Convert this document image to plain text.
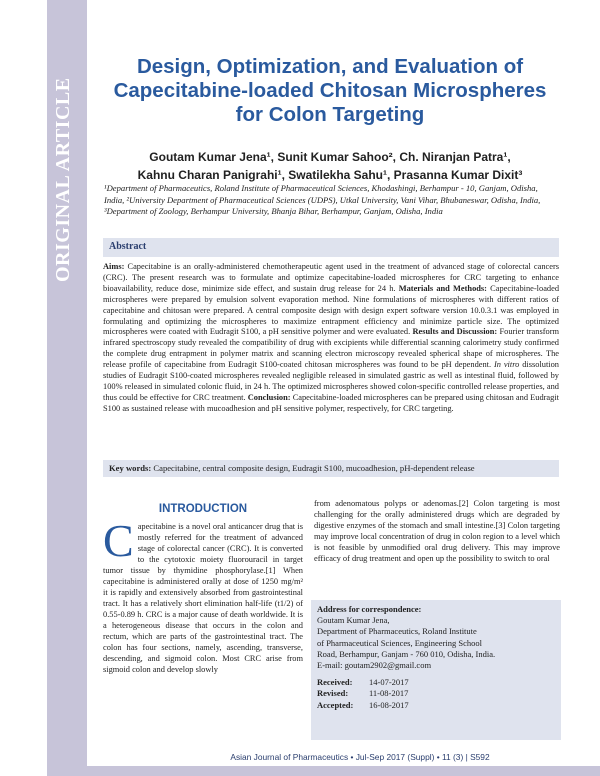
ORIGINAL ARTICLE
Design, Optimization, and Evaluation of Capecitabine-loaded Chitosan Microspheres for Colon Targeting
Goutam Kumar Jena¹, Sunit Kumar Sahoo², Ch. Niranjan Patra¹,
Kahnu Charan Panigrahi¹, Swatilekha Sahu¹, Prasanna Kumar Dixit³
¹Department of Pharmaceutics, Roland Institute of Pharmaceutical Sciences, Khodashingi, Berhampur - 10, Ganjam, Odisha, India, ²University Department of Pharmaceutical Sciences (UDPS), Utkal University, Vani Vihar, Bhubaneswar, Odisha, India, ³Department of Zoology, Berhampur University, Bhanja Bihar, Berhampur, Ganjam, Odisha, India
Abstract
Aims: Capecitabine is an orally-administered chemotherapeutic agent used in the treatment of advanced stage of colorectal cancers (CRC). The present research was to formulate and optimize capecitabine-loaded microspheres for CRC targeting to enhance bioavailability, reduce dose, minimize side effect, and sustain drug release for 24 h. Materials and Methods: Capecitabine-loaded microspheres were prepared by emulsion solvent evaporation method. Nine formulations of microspheres with different ratios of capecitabine and chitosan were prepared. A central composite design with design expert software version 10.0.3.1 was employed in formulating and optimizing the microspheres to maximize entrapment efficiency and minimize particle size. The optimized microspheres were coated with Eudragit S100, a pH sensitive polymer and were evaluated. Results and Discussion: Fourier transform infrared spectroscopy study revealed the compatibility of drug with excipients while differential scanning calorimetry study confirmed the complete drug entrapment in polymer matrix and scanning electron microscopy revealed spherical shape of microspheres. The release profile of capecitabine from Eudragit S100-coated chitosan microspheres was found to be pH dependent. In vitro dissolution studies of Eudragit S100-coated microspheres revealed negligible released in simulated gastric as well as intestinal fluid, followed by 100% released in simulated colonic fluid, in 24 h. The optimized microspheres showed colon-specific controlled release properties, and thus could be effective for CRC treatment. Conclusion: Capecitabine-loaded microspheres can be prepared using chitosan and Eudragit S100 as sustained release with mucoadhesion and pH sensitive polymer, respectively, for CRC targeting.
Key words: Capecitabine, central composite design, Eudragit S100, mucoadhesion, pH-dependent release
INTRODUCTION
Capecitabine is a novel oral anticancer drug that is mostly referred for the treatment of advanced stage of colorectal cancer (CRC). It is converted to the cytotoxic moiety fluorouracil in target tumor tissue by thymidine phosphorylase.[1] When capecitabine is administered orally at dose of 1250 mg/m² it is rapidly and extensively absorbed from gastrointestinal tract. It has a relatively short elimination half-life (t1/2) of 0.55-0.89 h. CRC is a major cause of death worldwide. It is a heterogeneous disease that occurs in the colon and rectum, which are parts of the gastrointestinal tract. The colon has four sections, namely, ascending, transverse, descending, and sigmoid colon. Most CRC arise from sigmoid colon and develop slowly
from adenomatous polyps or adenomas.[2] Colon targeting is most challenging for the orally administered drugs which are degraded by digestive enzymes of the stomach and small intestine.[3] Colon targeting may improve local concentration of drug in colon region to a level which is not feasible by unmodified oral drug delivery. This may improve efficacy of drug treatment and open up the possibility to switch to oral
Address for correspondence:
Goutam Kumar Jena,
Department of Pharmaceutics, Roland Institute
of Pharmaceutical Sciences, Engineering School
Road, Berhampur, Ganjam - 760 010, Odisha, India.
E-mail: goutam2902@gmail.com
Received: 14-07-2017
Revised: 11-08-2017
Accepted: 16-08-2017
Asian Journal of Pharmaceutics • Jul-Sep 2017 (Suppl) • 11 (3) | S592
